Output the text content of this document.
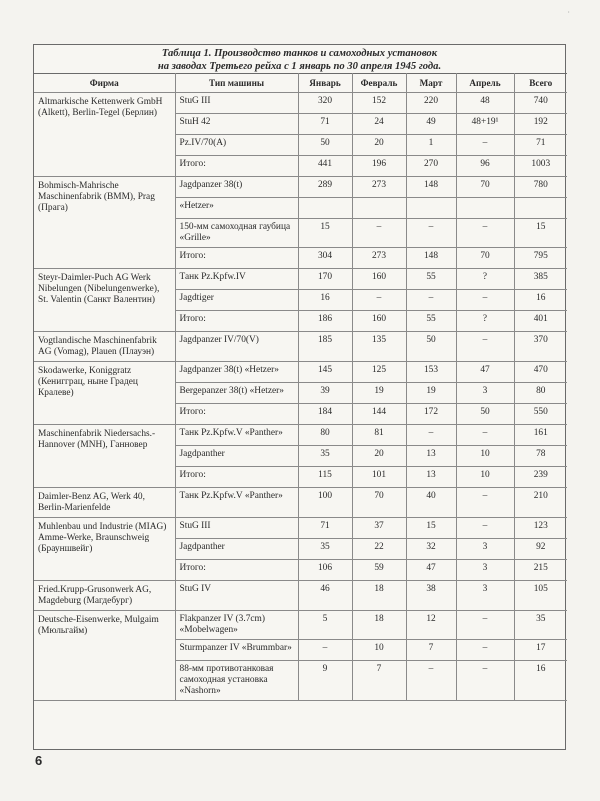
·
Таблица 1. Производство танков и самоходных установок
на заводах Третьего рейха с 1 январь по 30 апреля 1945 года.
Фирма	Тип машины	Январь	Февраль	Март	Апрель	Всего
Altmarkische Kettenwerk GmbH (Alkett), Berlin-Tegel (Берлин)	StuG III	320	152	220	48	740
	StuH 42	71	24	49	48+19¹	192
	Pz.IV/70(A)	50	20	1	–	71
	Итого:	441	196	270	96	1003
Bohmisch-Mahrische Maschinenfabrik (BMM), Prag (Прага)	Jagdpanzer 38(t)	289	273	148	70	780
	«Hetzer»					
	150-мм самоходная гаубица «Grille»	15	–	–	–	15
	Итого:	304	273	148	70	795
Steyr-Daimler-Puch AG Werk Nibelungen (Nibelungenwerke), St. Valentin (Санкт Валентин)	Танк Pz.Kpfw.IV	170	160	55	?	385
	Jagdtiger	16	–	–	–	16
	Итого:	186	160	55	?	401
Vogtlandische Maschinenfabrik AG (Vomag), Plauen (Плауэн)	Jagdpanzer IV/70(V)	185	135	50	–	370
Skodawerke, Koniggratz (Кенигграц, ныне Градец Кралеве)	Jagdpanzer 38(t) «Hetzer»	145	125	153	47	470
	Bergepanzer 38(t) «Hetzer»	39	19	19	3	80
	Итого:	184	144	172	50	550
Maschinenfabrik Niedersachs.-Hannover (MNH), Ганновер	Танк Pz.Kpfw.V «Panther»	80	81	–	–	161
	Jagdpanther	35	20	13	10	78
	Итого:	115	101	13	10	239
Daimler-Benz AG, Werk 40, Berlin-Marienfelde	Танк Pz.Kpfw.V «Panther»	100	70	40	–	210
Muhlenbau und Industrie (MIAG) Amme-Werke, Braunschweig (Брауншвейг)	StuG III	71	37	15	–	123
	Jagdpanther	35	22	32	3	92
	Итого:	106	59	47	3	215
Fried.Krupp-Grusonwerk AG, Magdeburg (Магдебург)	StuG IV	46	18	38	3	105
Deutsche-Eisenwerke, Mulgaim (Мюльгайм)	Flakpanzer IV (3.7cm) «Mobelwagen»	5	18	12	–	35
	Sturmpanzer IV «Brummbar»	–	10	7	–	17
	88-мм противотанковая самоходная установка «Nashorn»	9	7	–	–	16
6
